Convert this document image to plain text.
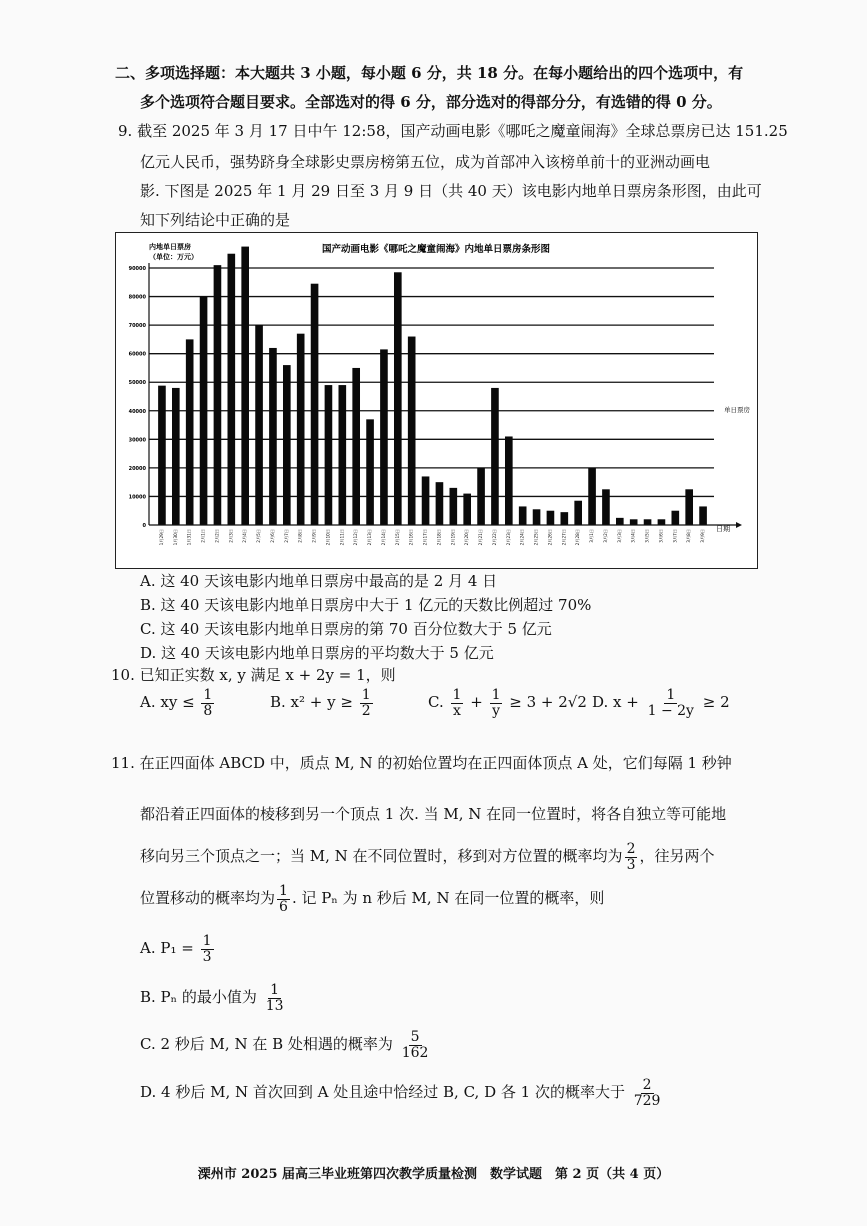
二、多项选择题：本大题共 3 小题，每小题 6 分，共 18 分。在每小题给出的四个选项中，有
多个选项符合题目要求。全部选对的得 6 分，部分选对的得部分分，有选错的得 0 分。
9. 截至 2025 年 3 月 17 日中午 12:58，国产动画电影《哪吒之魔童闹海》全球总票房已达 151.25
亿元人民币，强势跻身全球影史票房榜第五位，成为首部冲入该榜单前十的亚洲动画电
影. 下图是 2025 年 1 月 29 日至 3 月 9 日（共 40 天）该电影内地单日票房条形图，由此可
知下列结论中正确的是
内地单日票房
（单位：万元）
国产动画电影《哪吒之魔童闹海》内地单日票房条形图
日期
单日票房
90000
80000
70000
60000
50000
40000
30000
20000
10000
0
1月29日 1月30日 1月31日 2月1日 2月2日 2月3日 2月4日 2月5日 2月6日 2月7日 2月8日 2月9日 2月10日 2月11日 2月12日 2月13日 2月14日 2月15日 2月16日 2月17日 2月18日 2月19日 2月20日 2月21日 2月22日 2月23日 2月24日 2月25日 2月26日 2月27日 2月28日 3月1日 3月2日 3月3日 3月4日 3月5日 3月6日 3月7日 3月8日 3月9日
A. 这 40 天该电影内地单日票房中最高的是 2 月 4 日
B. 这 40 天该电影内地单日票房中大于 1 亿元的天数比例超过 70%
C. 这 40 天该电影内地单日票房的第 70 百分位数大于 5 亿元
D. 这 40 天该电影内地单日票房的平均数大于 5 亿元
10. 已知正实数 x, y 满足 x + 2y = 1，则
A. xy ≤ $\frac{1}{8}$	B. $x^2 + y \ge \frac{1}{2}$	C. $\frac{1}{x} + \frac{1}{y} \ge 3 + 2√2$ D. $x + \frac{1}{1 - 2y} \ge 2$
11. 在正四面体 ABCD 中，质点 M, N 的初始位置均在正四面体顶点 A 处，它们每隔 1 秒钟
都沿着正四面体的棱移到另一个顶点 1 次. 当 M, N 在同一位置时，将各自独立等可能地
移向另三个顶点之一；当 M, N 在不同位置时，移到对方位置的概率均为 $\frac{2}{3}$ ，往另两个
位置移动的概率均为 $\frac{1}{6}$ . 记 Pₙ 为 n 秒后 M, N 在同一位置的概率，则
A. $P_1 = \frac{1}{3}$
B. Pₙ 的最小值为 $\frac{1}{13}$
C. 2 秒后 M, N 在 B 处相遇的概率为 $\frac{5}{162}$
D. 4 秒后 M, N 首次回到 A 处且途中恰经过 B, C, D 各 1 次的概率大于 $\frac{2}{729}$
溧州市 2025 届高三毕业班第四次教学质量检测　数学试题　第 2 页（共 4 页）
